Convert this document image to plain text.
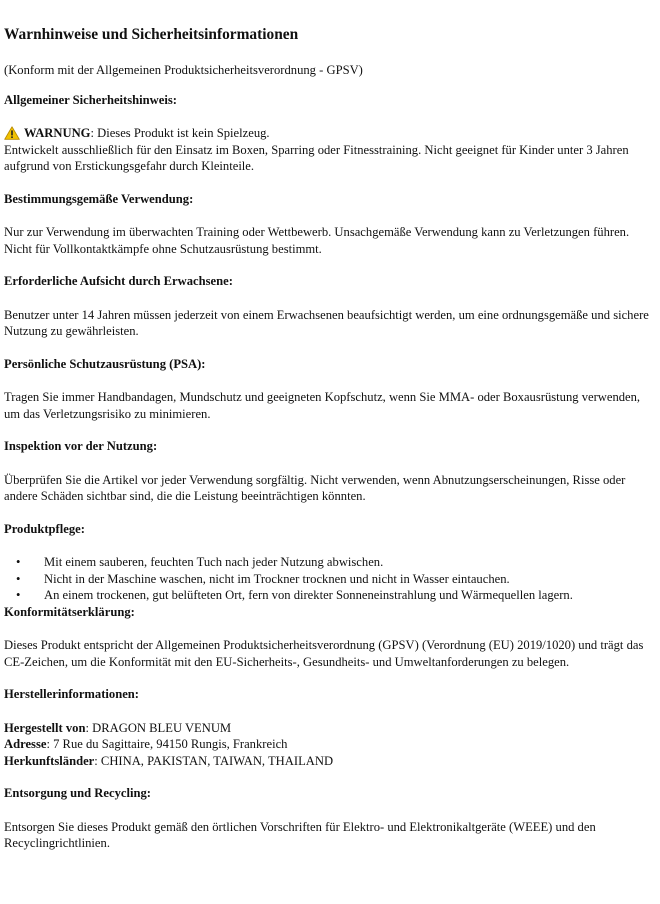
Warnhinweise und Sicherheitsinformationen

(Konform mit der Allgemeinen Produktsicherheitsverordnung - GPSV)

Allgemeiner Sicherheitshinweis:
WARNUNG: Dieses Produkt ist kein Spielzeug.

Entwickelt ausschließlich für den Einsatz im Boxen, Sparring oder Fitnesstraining. Nicht geeignet für Kinder unter 3 Jahren aufgrund von Erstickungsgefahr durch Kleinteile.

Bestimmungsgemäße Verwendung:

Nur zur Verwendung im überwachten Training oder Wettbewerb. Unsachgemäße Verwendung kann zu Verletzungen führen. Nicht für Vollkontaktkämpfe ohne Schutzausrüstung bestimmt.

Erforderliche Aufsicht durch Erwachsene:

Benutzer unter 14 Jahren müssen jederzeit von einem Erwachsenen beaufsichtigt werden, um eine ordnungsgemäße und sichere Nutzung zu gewährleisten.

Persönliche Schutzausrüstung (PSA):

Tragen Sie immer Handbandagen, Mundschutz und geeigneten Kopfschutz, wenn Sie MMA- oder Boxausrüstung verwenden, um das Verletzungsrisiko zu minimieren.

Inspektion vor der Nutzung:

Überprüfen Sie die Artikel vor jeder Verwendung sorgfältig. Nicht verwenden, wenn Abnutzungserscheinungen, Risse oder andere Schäden sichtbar sind, die die Leistung beeinträchtigen könnten.

Produktpflege:
• Mit einem sauberen, feuchten Tuch nach jeder Nutzung abwischen.
• Nicht in der Maschine waschen, nicht im Trockner trocknen und nicht in Wasser eintauchen.
• An einem trockenen, gut belüfteten Ort, fern von direkter Sonneneinstrahlung und Wärmequellen lagern.
Konformitätserklärung:

Dieses Produkt entspricht der Allgemeinen Produktsicherheitsverordnung (GPSV) (Verordnung (EU) 2019/1020) und trägt das CE-Zeichen, um die Konformität mit den EU-Sicherheits-, Gesundheits- und Umweltanforderungen zu belegen.

Herstellerinformationen:

Hergestellt von: DRAGON BLEU VENUM

Adresse: 7 Rue du Sagittaire, 94150 Rungis, Frankreich

Herkunftsländer: CHINA, PAKISTAN, TAIWAN, THAILAND

Entsorgung und Recycling:

Entsorgen Sie dieses Produkt gemäß den örtlichen Vorschriften für Elektro- und Elektronikaltgeräte (WEEE) und den Recyclingrichtlinien.
